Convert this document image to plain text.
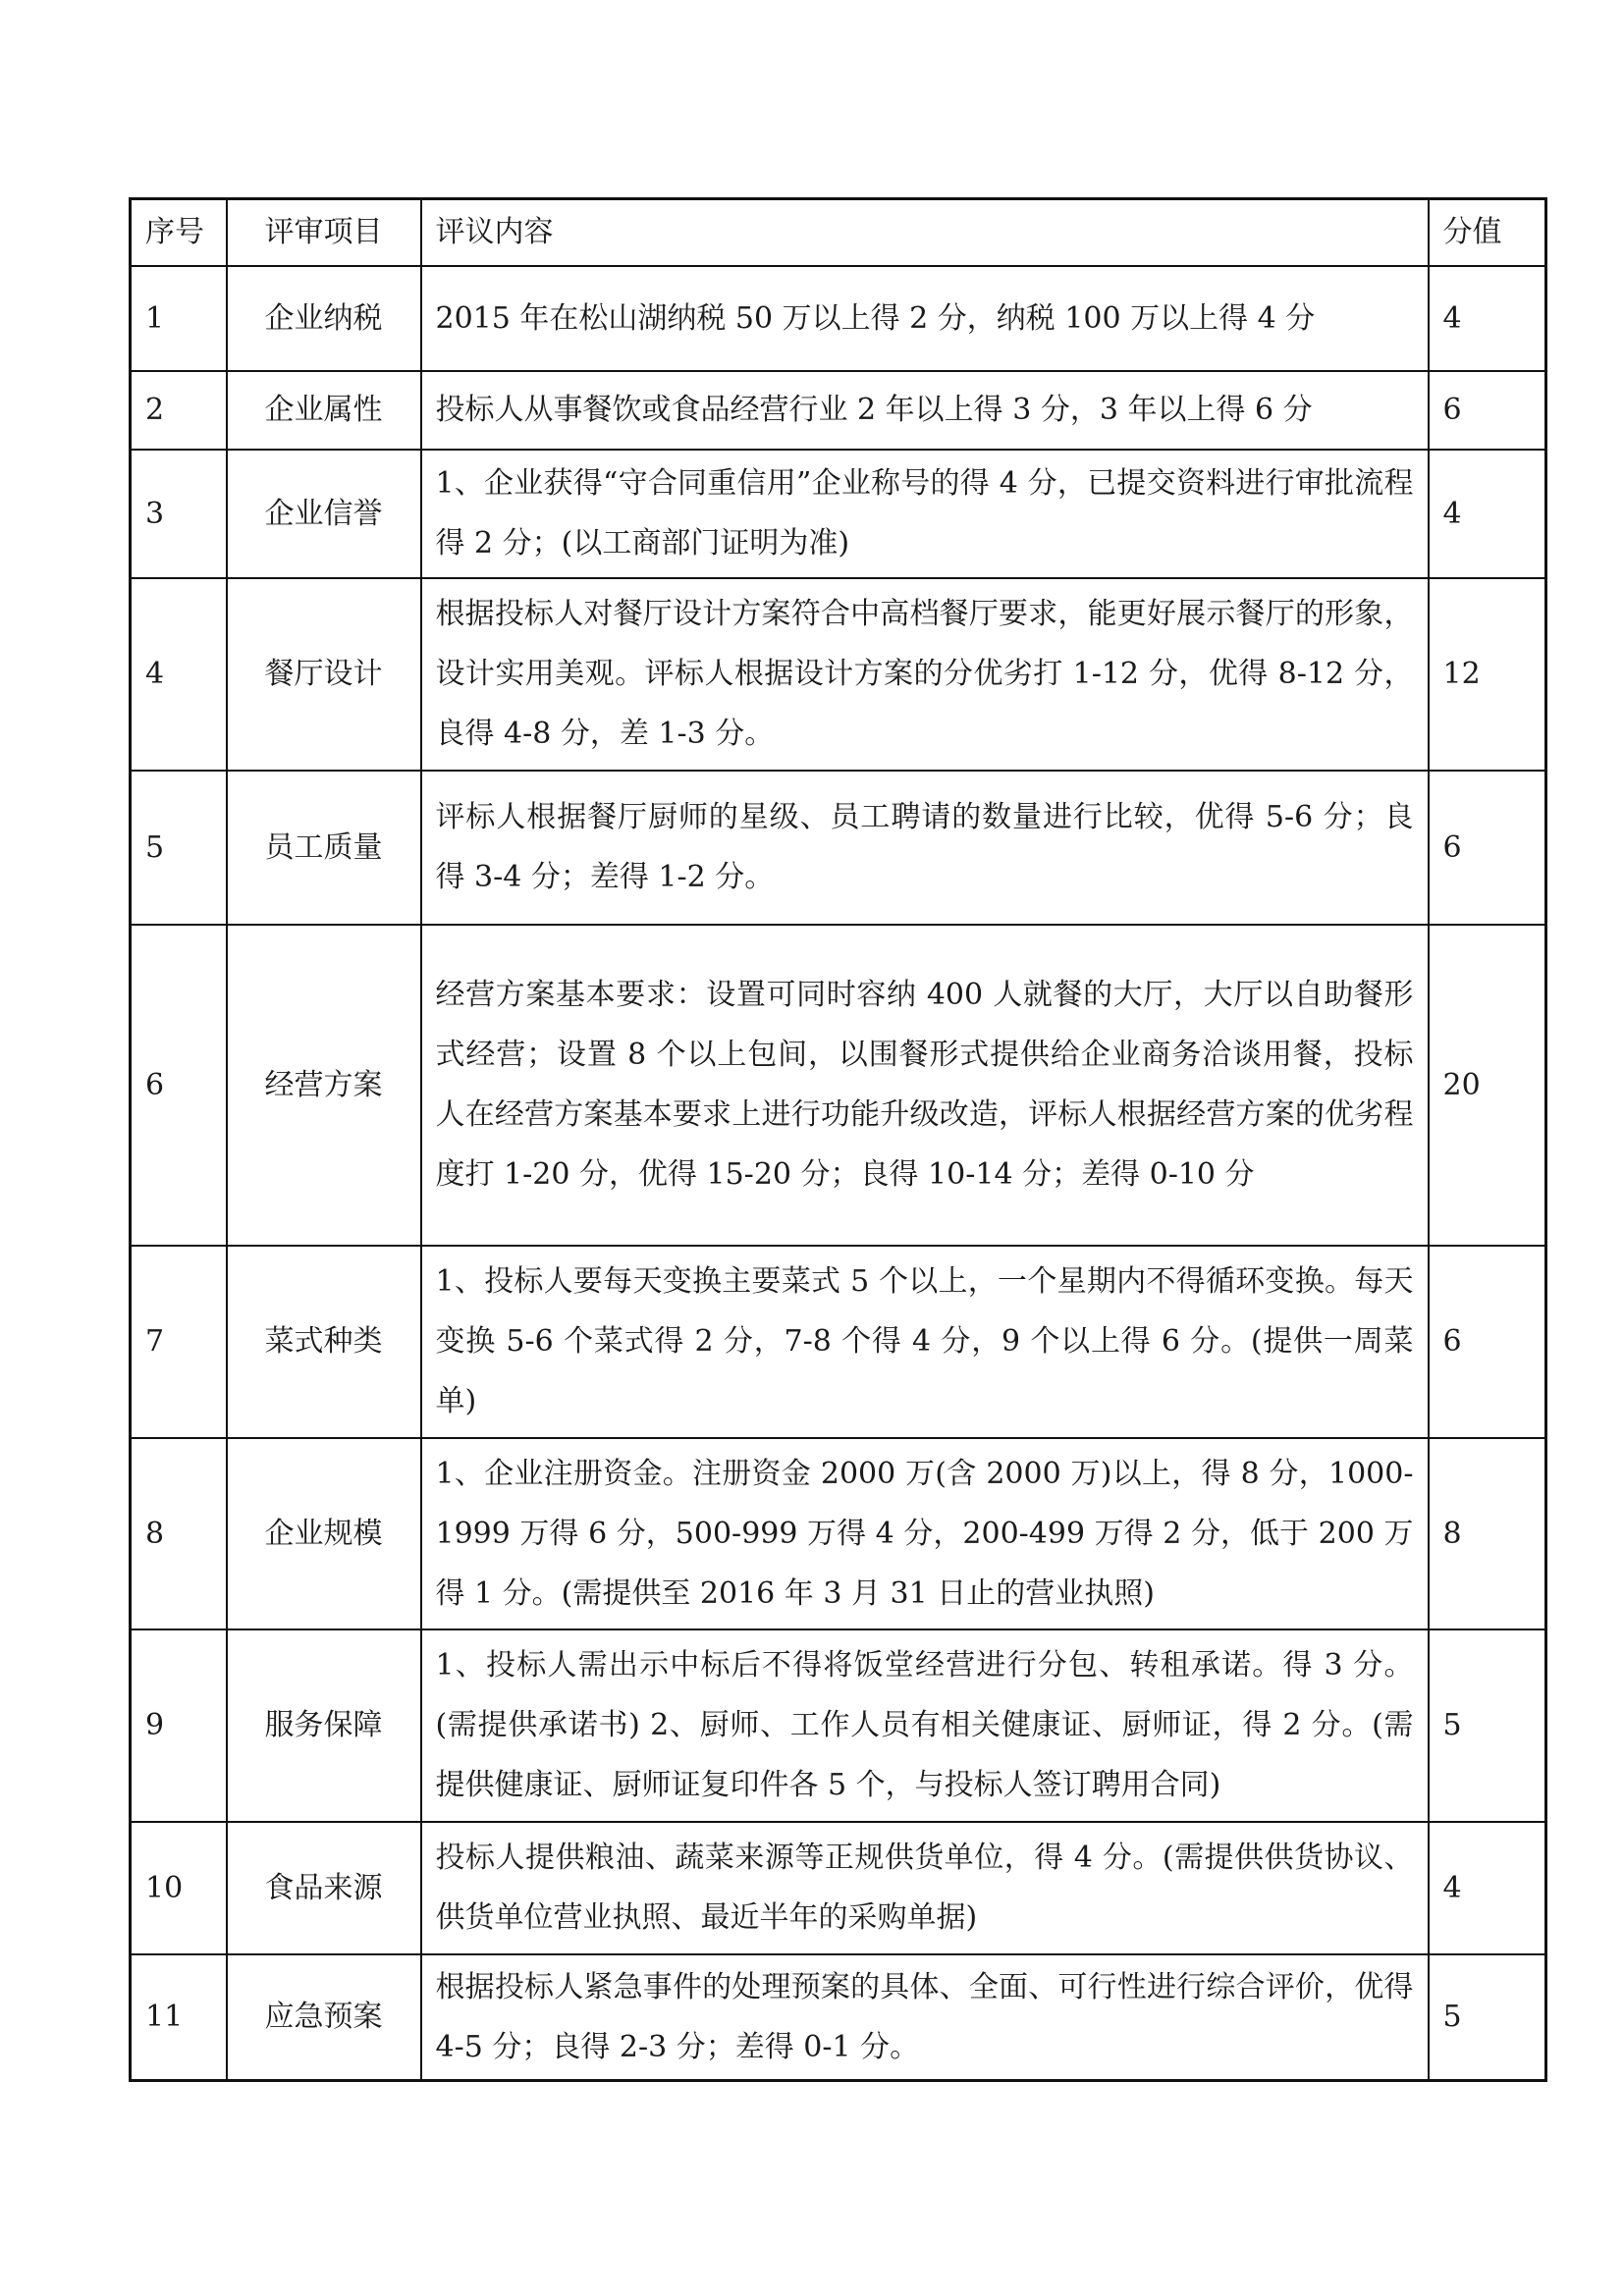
序号	评审项目	评议内容	分值
1	企业纳税	2015 年在松山湖纳税 50 万以上得 2 分，纳税 100 万以上得 4 分	4
2	企业属性	投标人从事餐饮或食品经营行业 2 年以上得 3 分，3 年以上得 6 分	6
3	企业信誉	1、企业获得“守合同重信用”企业称号的得 4 分，已提交资料进行审批流程得 2 分；(以工商部门证明为准)	4
4	餐厅设计	根据投标人对餐厅设计方案符合中高档餐厅要求，能更好展示餐厅的形象，设计实用美观。评标人根据设计方案的分优劣打 1-12 分，优得 8-12 分，良得 4-8 分，差 1-3 分。	12
5	员工质量	评标人根据餐厅厨师的星级、员工聘请的数量进行比较，优得 5-6 分；良得 3-4 分；差得 1-2 分。	6
6	经营方案	经营方案基本要求：设置可同时容纳 400 人就餐的大厅，大厅以自助餐形式经营；设置 8 个以上包间，以围餐形式提供给企业商务洽谈用餐，投标人在经营方案基本要求上进行功能升级改造，评标人根据经营方案的优劣程度打 1-20 分，优得 15-20 分；良得 10-14 分；差得 0-10 分	20
7	菜式种类	1、投标人要每天变换主要菜式 5 个以上，一个星期内不得循环变换。每天变换 5-6 个菜式得 2 分，7-8 个得 4 分，9 个以上得 6 分。(提供一周菜单)	6
8	企业规模	1、企业注册资金。注册资金 2000 万(含 2000 万)以上，得 8 分，1000-1999 万得 6 分，500-999 万得 4 分，200-499 万得 2 分，低于 200 万得 1 分。(需提供至 2016 年 3 月 31 日止的营业执照)	8
9	服务保障	1、投标人需出示中标后不得将饭堂经营进行分包、转租承诺。得 3 分。(需提供承诺书) 2、厨师、工作人员有相关健康证、厨师证，得 2 分。(需提供健康证、厨师证复印件各 5 个，与投标人签订聘用合同)	5
10	食品来源	投标人提供粮油、蔬菜来源等正规供货单位，得 4 分。(需提供供货协议、供货单位营业执照、最近半年的采购单据)	4
11	应急预案	根据投标人紧急事件的处理预案的具体、全面、可行性进行综合评价，优得 4-5 分；良得 2-3 分；差得 0-1 分。	5
